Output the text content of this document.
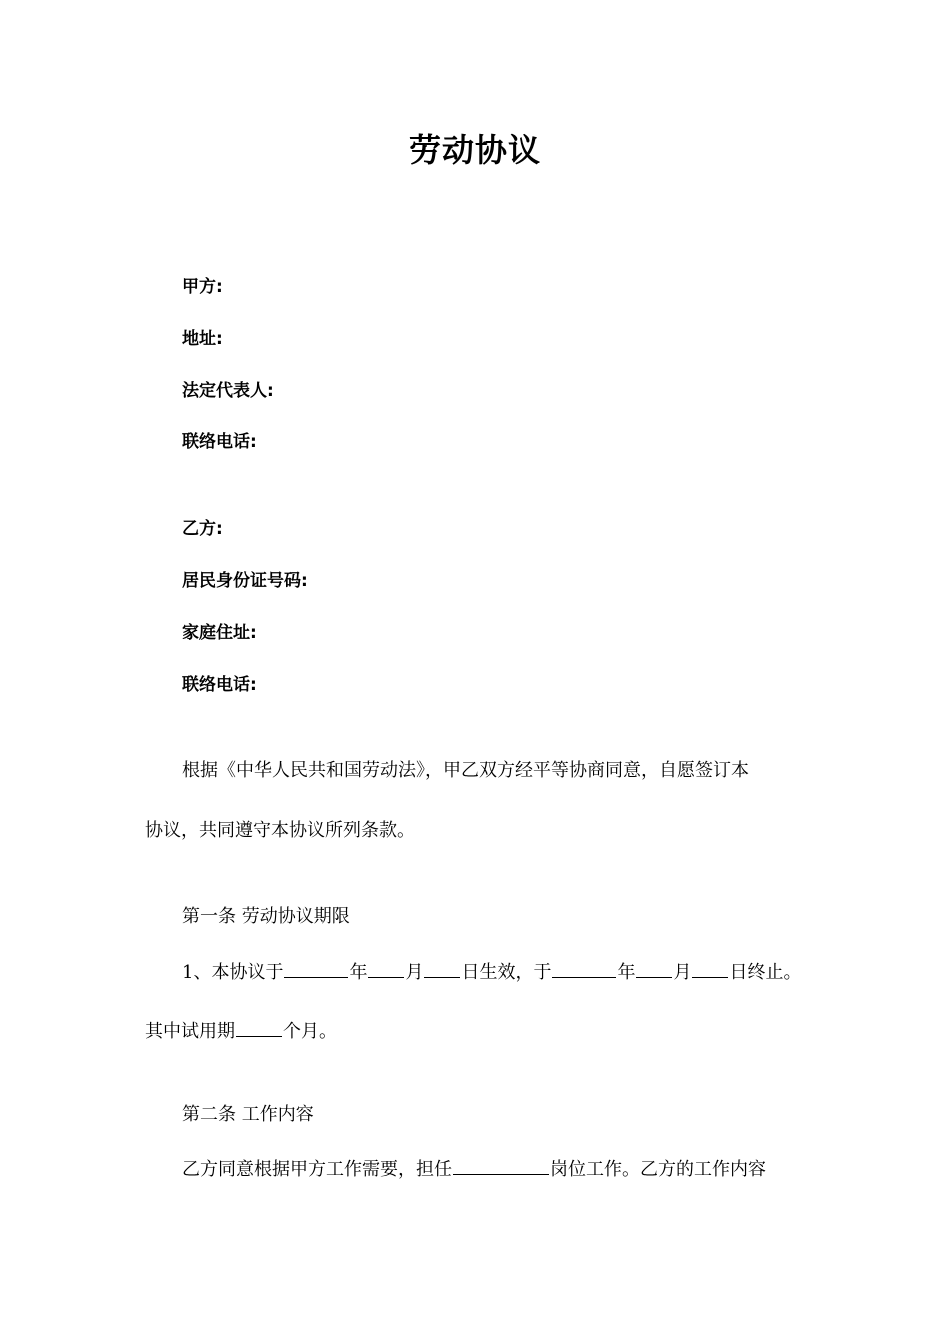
劳动协议
甲方:
地址:
法定代表人:
联络电话:
乙方:
居民身份证号码:
家庭住址:
联络电话:
根据《中华人民共和国劳动法》，甲乙双方经平等协商同意，自愿签订本
协议，共同遵守本协议所列条款。
第一条 劳动协议期限
1、本协议于	年 月 日生效，于	年 月 日终止。
其中试用期	个月。
第二条 工作内容
乙方同意根据甲方工作需要，担任	岗位工作。乙方的工作内容
